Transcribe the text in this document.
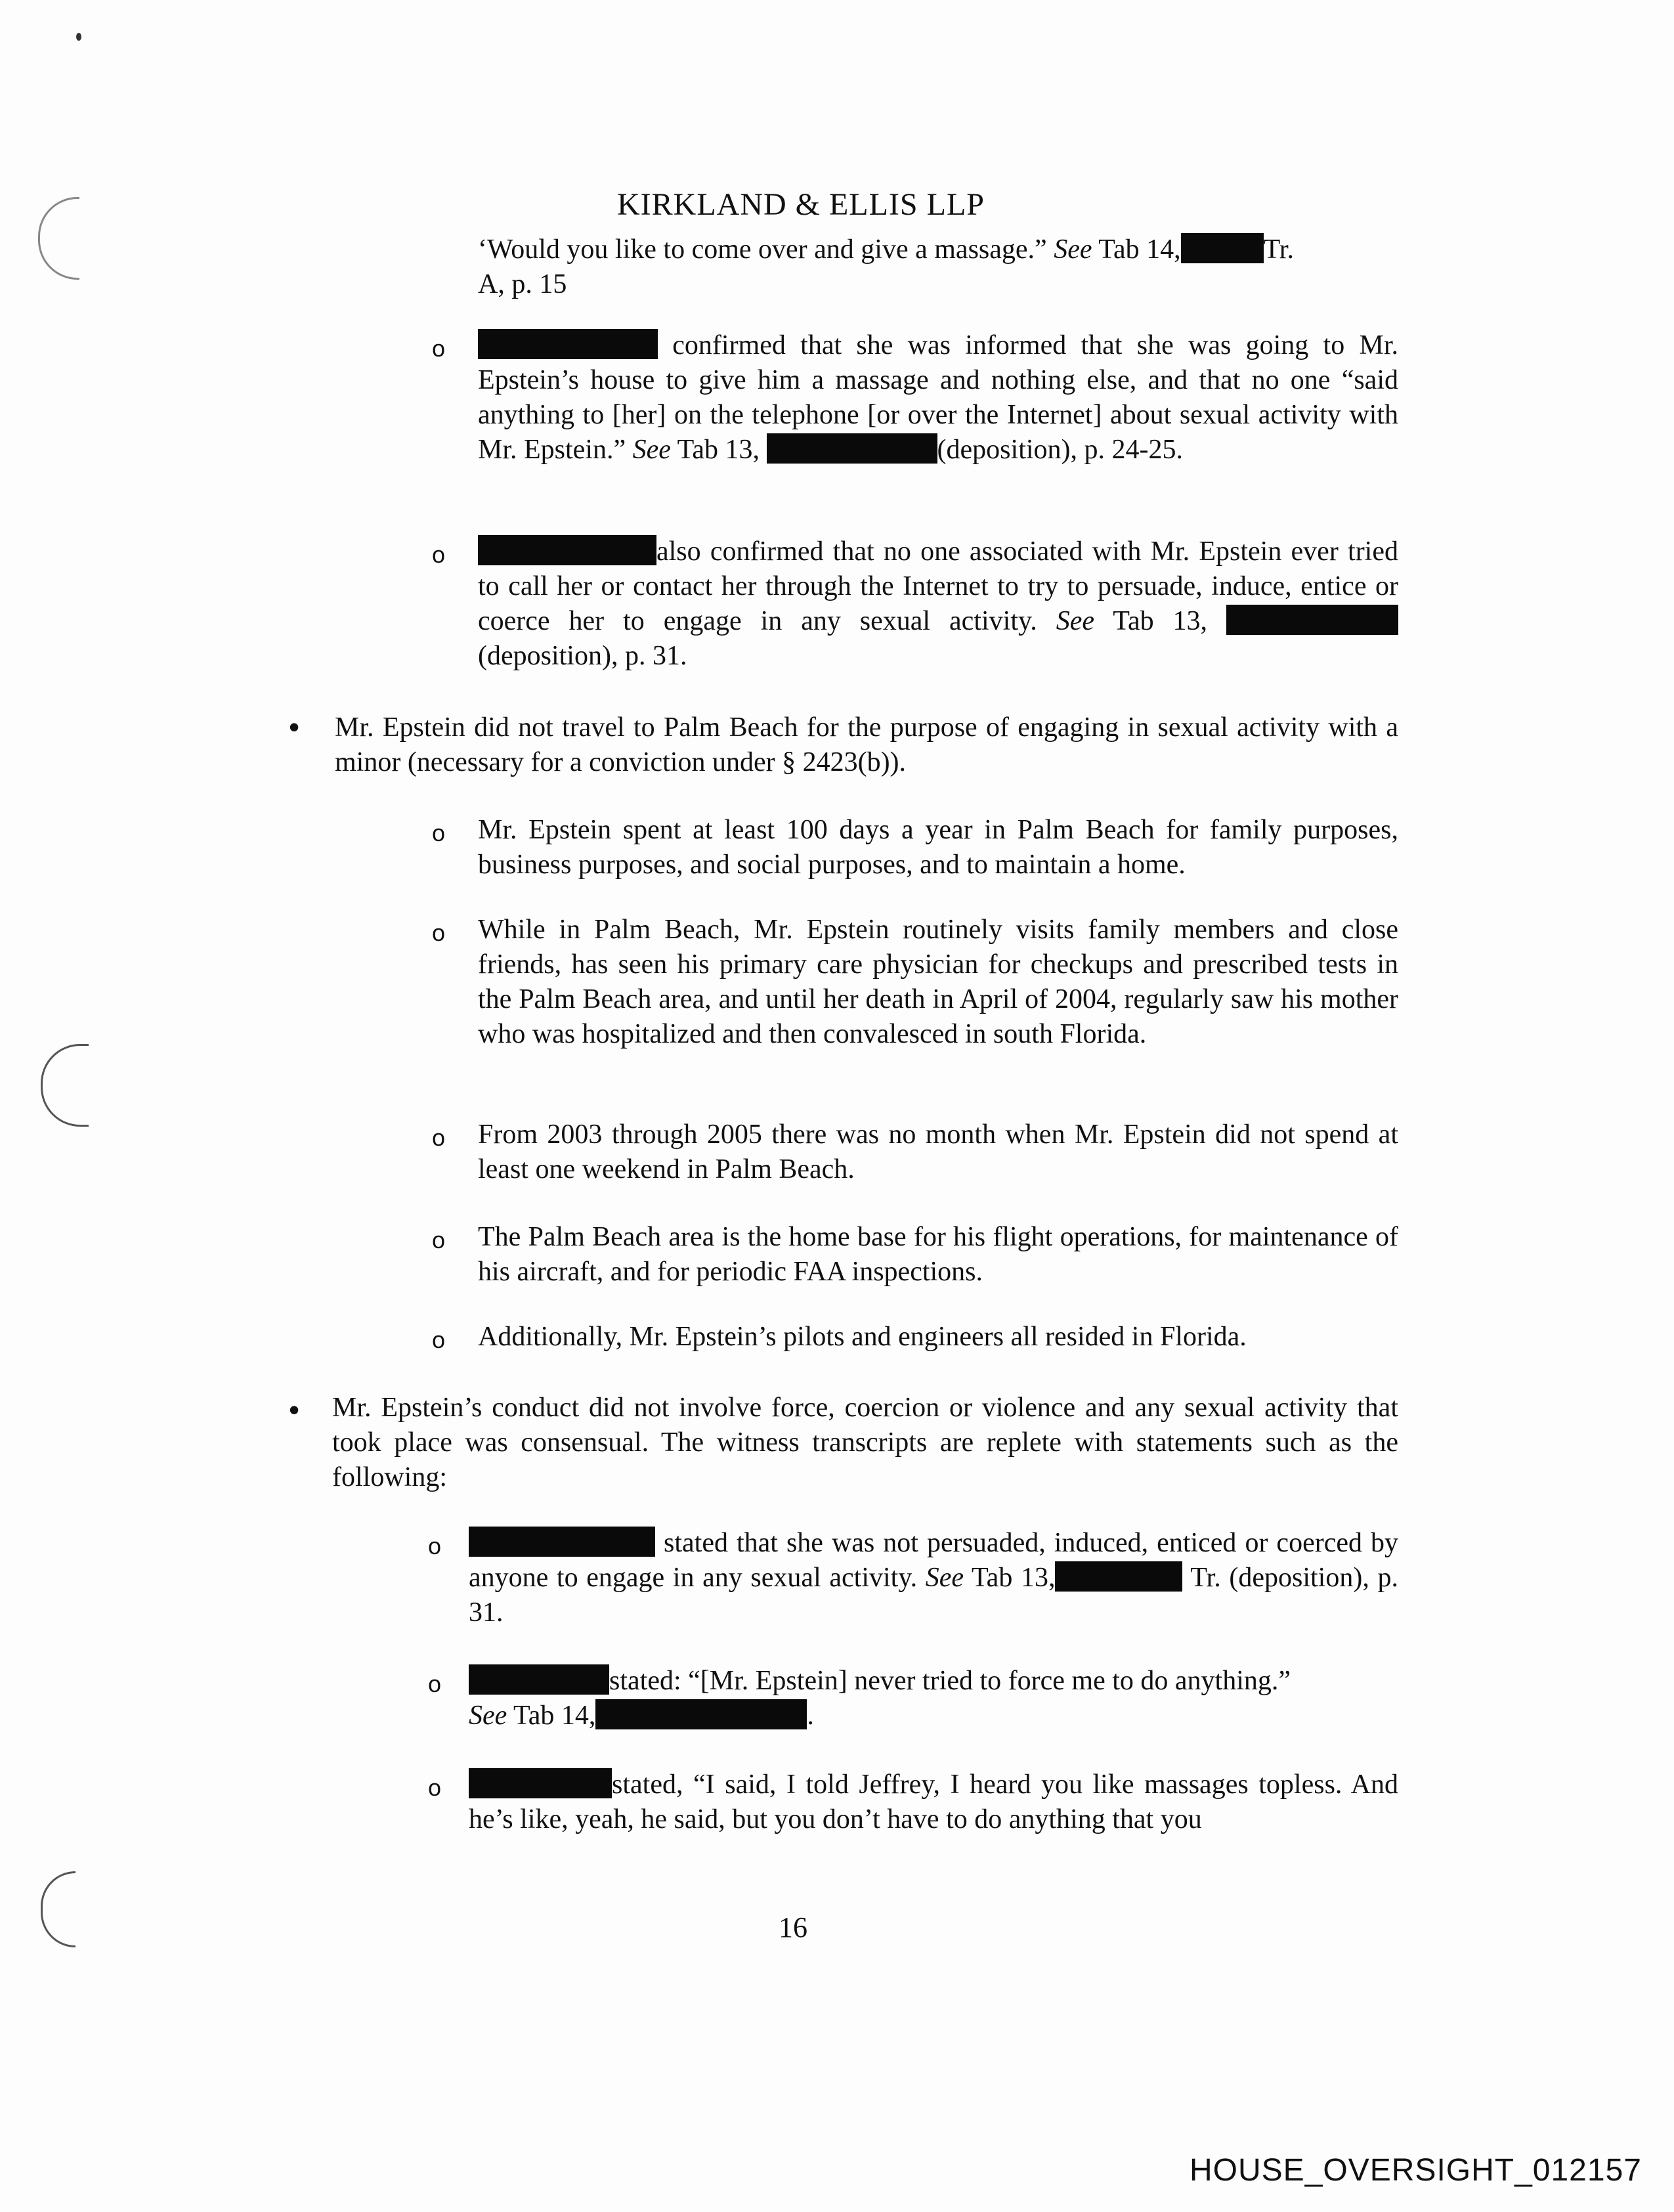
KIRKLAND & ELLIS LLP

‘Would you like to come over and give a massage.” See Tab 14,	Tr.

A, p. 15

o	confirmed that she was informed that she was going to Mr. Epstein’s house to give him a massage and nothing else, and that no one “said anything to [her] on the telephone [or over the Internet] about sexual activity with Mr. Epstein.” See Tab 13,	(deposition), p. 24-25.

o	also confirmed that no one associated with Mr. Epstein ever tried to call her or contact her through the Internet to try to persuade, induce, entice or coerce her to engage in any sexual activity. See Tab 13, (deposition), p. 31.

• Mr. Epstein did not travel to Palm Beach for the purpose of engaging in sexual activity with a minor (necessary for a conviction under § 2423(b)).

o Mr. Epstein spent at least 100 days a year in Palm Beach for family purposes, business purposes, and social purposes, and to maintain a home.

o While in Palm Beach, Mr. Epstein routinely visits family members and close friends, has seen his primary care physician for checkups and prescribed tests in the Palm Beach area, and until her death in April of 2004, regularly saw his mother who was hospitalized and then convalesced in south Florida.

o From 2003 through 2005 there was no month when Mr. Epstein did not spend at least one weekend in Palm Beach.

o The Palm Beach area is the home base for his flight operations, for maintenance of his aircraft, and for periodic FAA inspections.

o Additionally, Mr. Epstein’s pilots and engineers all resided in Florida.

• Mr. Epstein’s conduct did not involve force, coercion or violence and any sexual activity that took place was consensual. The witness transcripts are replete with statements such as the following:

o	stated that she was not persuaded, induced, enticed or coerced by anyone to engage in any sexual activity. See Tab 13,	Tr. (deposition), p. 31.

o	stated: “[Mr. Epstein] never tried to force me to do anything.”

See Tab 14,	.

o	stated, “I said, I told Jeffrey, I heard you like massages topless. And he’s like, yeah, he said, but you don’t have to do anything that you

16
HOUSE_OVERSIGHT_012157
